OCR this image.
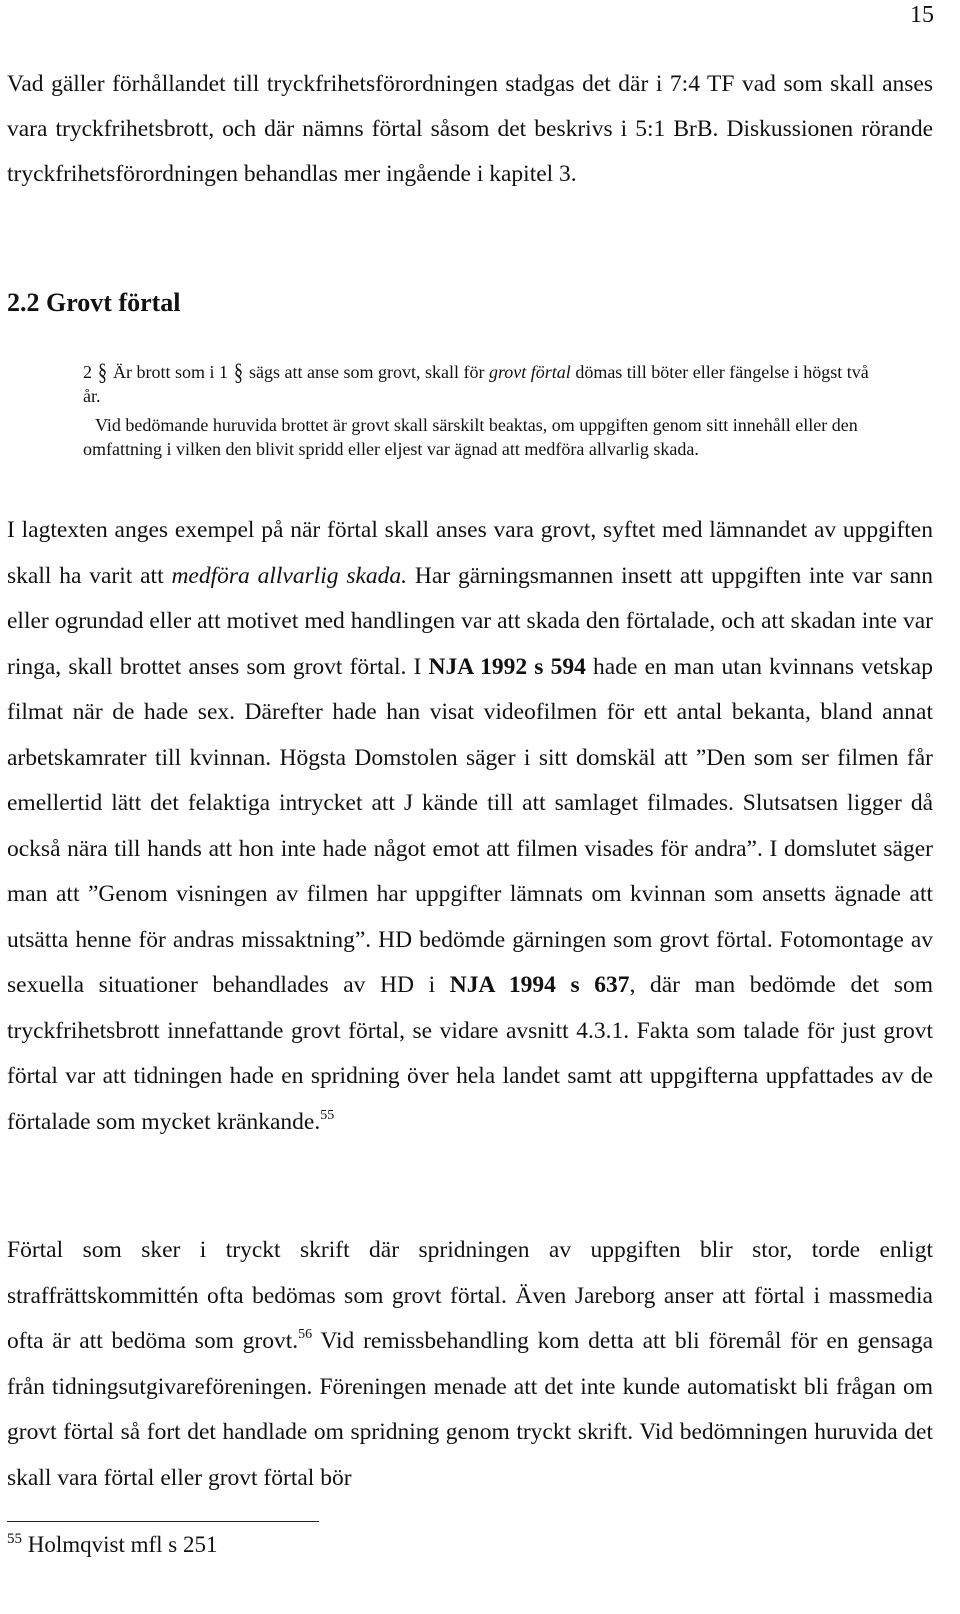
15

Vad gäller förhållandet till tryckfrihetsförordningen stadgas det där i 7:4 TF vad som skall anses vara tryckfrihetsbrott, och där nämns förtal såsom det beskrivs i 5:1 BrB. Diskussionen rörande tryckfrihetsförordningen behandlas mer ingående i kapitel 3.

2.2 Grovt förtal

2 § Är brott som i 1 § sägs att anse som grovt, skall för grovt förtal dömas till böter eller fängelse i högst två år.

Vid bedömande huruvida brottet är grovt skall särskilt beaktas, om uppgiften genom sitt innehåll eller den omfattning i vilken den blivit spridd eller eljest var ägnad att medföra allvarlig skada.

I lagtexten anges exempel på när förtal skall anses vara grovt, syftet med lämnandet av uppgiften skall ha varit att medföra allvarlig skada. Har gärningsmannen insett att uppgiften inte var sann eller ogrundad eller att motivet med handlingen var att skada den förtalade, och att skadan inte var ringa, skall brottet anses som grovt förtal. I NJA 1992 s 594 hade en man utan kvinnans vetskap filmat när de hade sex. Därefter hade han visat videofilmen för ett antal bekanta, bland annat arbetskamrater till kvinnan. Högsta Domstolen säger i sitt domskäl att ”Den som ser filmen får emellertid lätt det felaktiga intrycket att J kände till att samlaget filmades. Slutsatsen ligger då också nära till hands att hon inte hade något emot att filmen visades för andra”. I domslutet säger man att ”Genom visningen av filmen har uppgifter lämnats om kvinnan som ansetts ägnade att utsätta henne för andras missaktning”. HD bedömde gärningen som grovt förtal. Fotomontage av sexuella situationer behandlades av HD i NJA 1994 s 637, där man bedömde det som tryckfrihetsbrott innefattande grovt förtal, se vidare avsnitt 4.3.1. Fakta som talade för just grovt förtal var att tidningen hade en spridning över hela landet samt att uppgifterna uppfattades av de förtalade som mycket kränkande.$^{55}$

Förtal som sker i tryckt skrift där spridningen av uppgiften blir stor, torde enligt straffrättskommittén ofta bedömas som grovt förtal. Även Jareborg anser att förtal i massmedia ofta är att bedöma som grovt.$^{56}$ Vid remissbehandling kom detta att bli föremål för en gensaga från tidningsutgivareföreningen. Föreningen menade att det inte kunde automatiskt bli frågan om grovt förtal så fort det handlade om spridning genom tryckt skrift. Vid bedömningen huruvida det skall vara förtal eller grovt förtal bör

$^{55}$ Holmqvist mfl s 251
